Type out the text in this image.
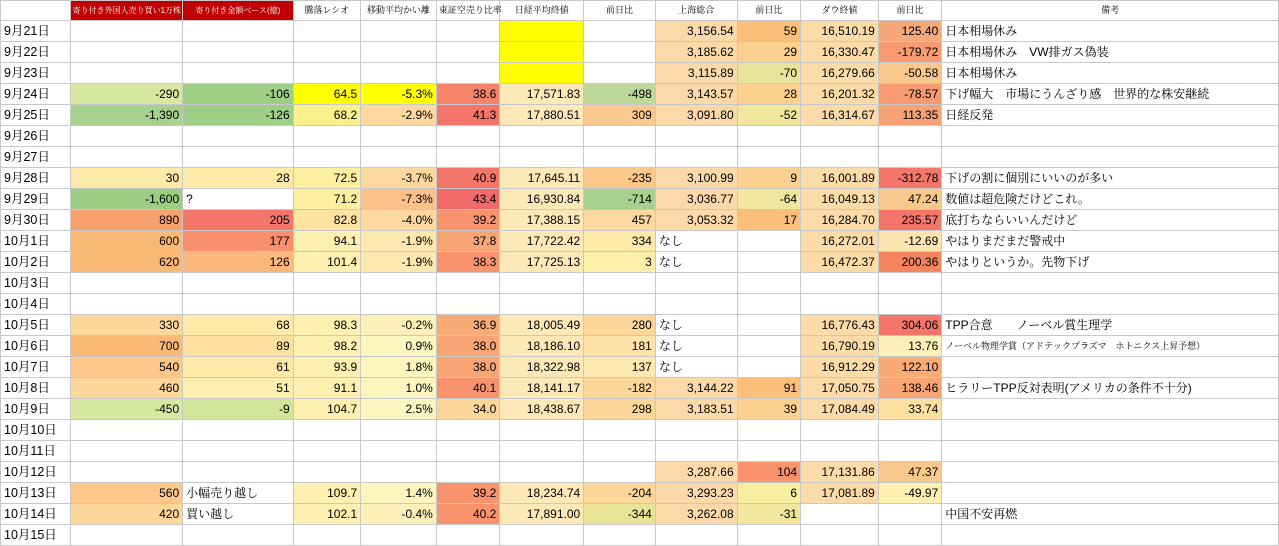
	寄り付き外国人売り買い1万株	寄り付き金額ベース(億)	騰落レシオ	移動平均かい離	東証空売り比率	日経平均終値	前日比	上海総合	前日比	ダウ終値	前日比	備考
9月21日								3,156.54	59	16,510.19	125.40	日本相場休み
9月22日								3,185.62	29	16,330.47	-179.72	日本相場休み　VW排ガス偽装
9月23日								3,115.89	-70	16,279.66	-50.58	日本相場休み
9月24日	-290	-106	64.5	-5.3%	38.6	17,571.83	-498	3,143.57	28	16,201.32	-78.57	下げ幅大　市場にうんざり感　世界的な株安継続
9月25日	-1,390	-126	68.2	-2.9%	41.3	17,880.51	309	3,091.80	-52	16,314.67	113.35	日経反発
9月26日												
9月27日												
9月28日	30	28	72.5	-3.7%	40.9	17,645.11	-235	3,100.99	9	16,001.89	-312.78	下げの割に個別にいいのが多い
9月29日	-1,600	?	71.2	-7.3%	43.4	16,930.84	-714	3,036.77	-64	16,049.13	47.24	数値は超危険だけどこれ。
9月30日	890	205	82.8	-4.0%	39.2	17,388.15	457	3,053.32	17	16,284.70	235.57	底打ちならいいんだけど
10月1日	600	177	94.1	-1.9%	37.8	17,722.42	334	なし		16,272.01	-12.69	やはりまだまだ警戒中
10月2日	620	126	101.4	-1.9%	38.3	17,725.13	3	なし		16,472.37	200.36	やはりというか。先物下げ
10月3日												
10月4日												
10月5日	330	68	98.3	-0.2%	36.9	18,005.49	280	なし		16,776.43	304.06	TPP合意　　ノーベル賞生理学
10月6日	700	89	98.2	0.9%	38.0	18,186.10	181	なし		16,790.19	13.76	ノーベル物理学賞（アドテックプラズマ　ホトニクス上昇予想）
10月7日	540	61	93.9	1.8%	38.0	18,322.98	137	なし		16,912.29	122.10	
10月8日	460	51	91.1	1.0%	40.1	18,141.17	-182	3,144.22	91	17,050.75	138.46	ヒラリーTPP反対表明(アメリカの条件不十分)
10月9日	-450	-9	104.7	2.5%	34.0	18,438.67	298	3,183.51	39	17,084.49	33.74	
10月10日												
10月11日												
10月12日								3,287.66	104	17,131.86	47.37	
10月13日	560	小幅売り越し	109.7	1.4%	39.2	18,234.74	-204	3,293.23	6	17,081.89	-49.97	
10月14日	420	買い越し	102.1	-0.4%	40.2	17,891.00	-344	3,262.08	-31			中国不安再燃
10月15日												
